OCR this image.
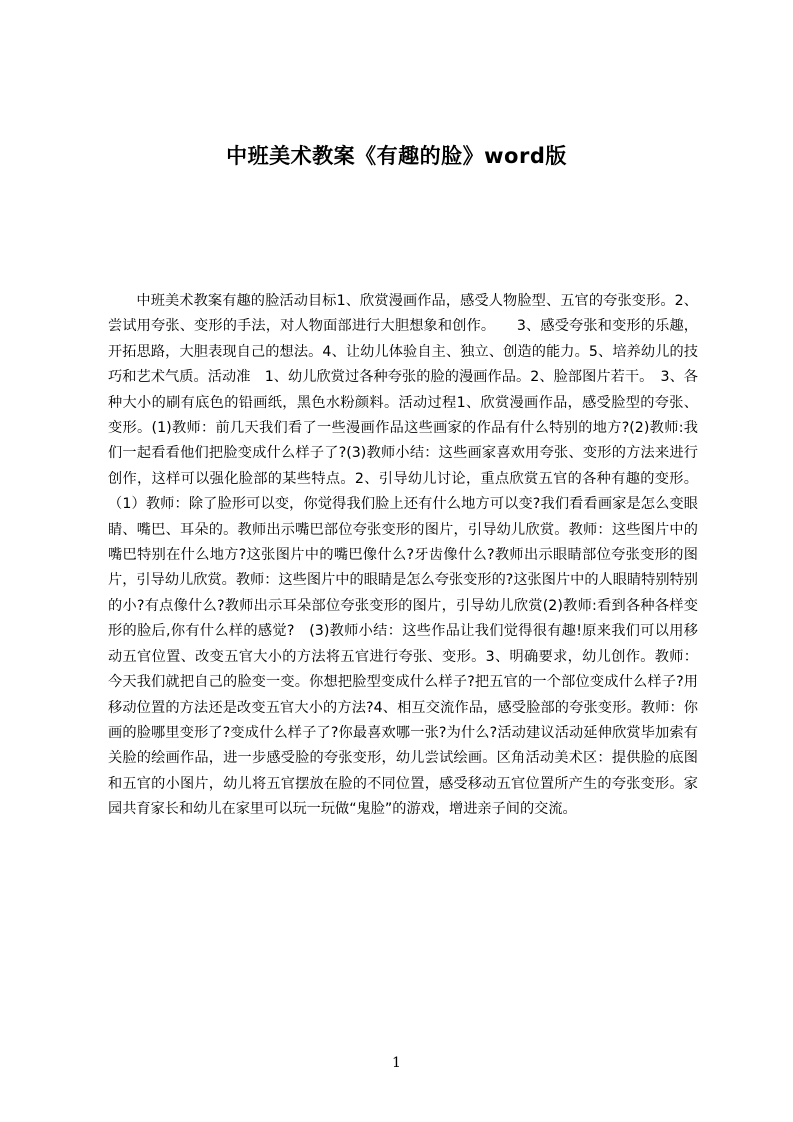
中班美术教案《有趣的脸》word版

中班美术教案有趣的脸活动目标1、欣赏漫画作品，感受人物脸型、五官的夸张变形。2、尝试用夸张、变形的手法，对人物面部进行大胆想象和创作。　　3、感受夸张和变形的乐趣，开拓思路，大胆表现自己的想法。4、让幼儿体验自主、独立、创造的能力。5、培养幼儿的技巧和艺术气质。活动准　1、幼儿欣赏过各种夸张的脸的漫画作品。2、脸部图片若干。　3、各种大小的刷有底色的铅画纸，黑色水粉颜料。活动过程1、欣赏漫画作品，感受脸型的夸张、变形。(1)教师：前几天我们看了一些漫画作品这些画家的作品有什么特别的地方?(2)教师:我们一起看看他们把脸变成什么样子了?(3)教师小结：这些画家喜欢用夸张、变形的方法来进行创作，这样可以强化脸部的某些特点。2、引导幼儿讨论，重点欣赏五官的各种有趣的变形。（1）教师：除了脸形可以变，你觉得我们脸上还有什么地方可以变?我们看看画家是怎么变眼睛、嘴巴、耳朵的。教师出示嘴巴部位夸张变形的图片，引导幼儿欣赏。教师：这些图片中的嘴巴特别在什么地方?这张图片中的嘴巴像什么?牙齿像什么?教师出示眼睛部位夸张变形的图片，引导幼儿欣赏。教师：这些图片中的眼睛是怎么夸张变形的?这张图片中的人眼睛特别特别的小?有点像什么?教师出示耳朵部位夸张变形的图片，引导幼儿欣赏(2)教师:看到各种各样变形的脸后,你有什么样的感觉?　(3)教师小结：这些作品让我们觉得很有趣!原来我们可以用移动五官位置、改变五官大小的方法将五官进行夸张、变形。3、明确要求，幼儿创作。教师：今天我们就把自己的脸变一变。你想把脸型变成什么样子?把五官的一个部位变成什么样子?用移动位置的方法还是改变五官大小的方法?4、相互交流作品，感受脸部的夸张变形。教师：你画的脸哪里变形了?变成什么样子了?你最喜欢哪一张?为什么?活动建议活动延伸欣赏毕加索有关脸的绘画作品，进一步感受脸的夸张变形，幼儿尝试绘画。区角活动美术区：提供脸的底图和五官的小图片，幼儿将五官摆放在脸的不同位置，感受移动五官位置所产生的夸张变形。家园共育家长和幼儿在家里可以玩一玩做“鬼脸”的游戏，增进亲子间的交流。

1
